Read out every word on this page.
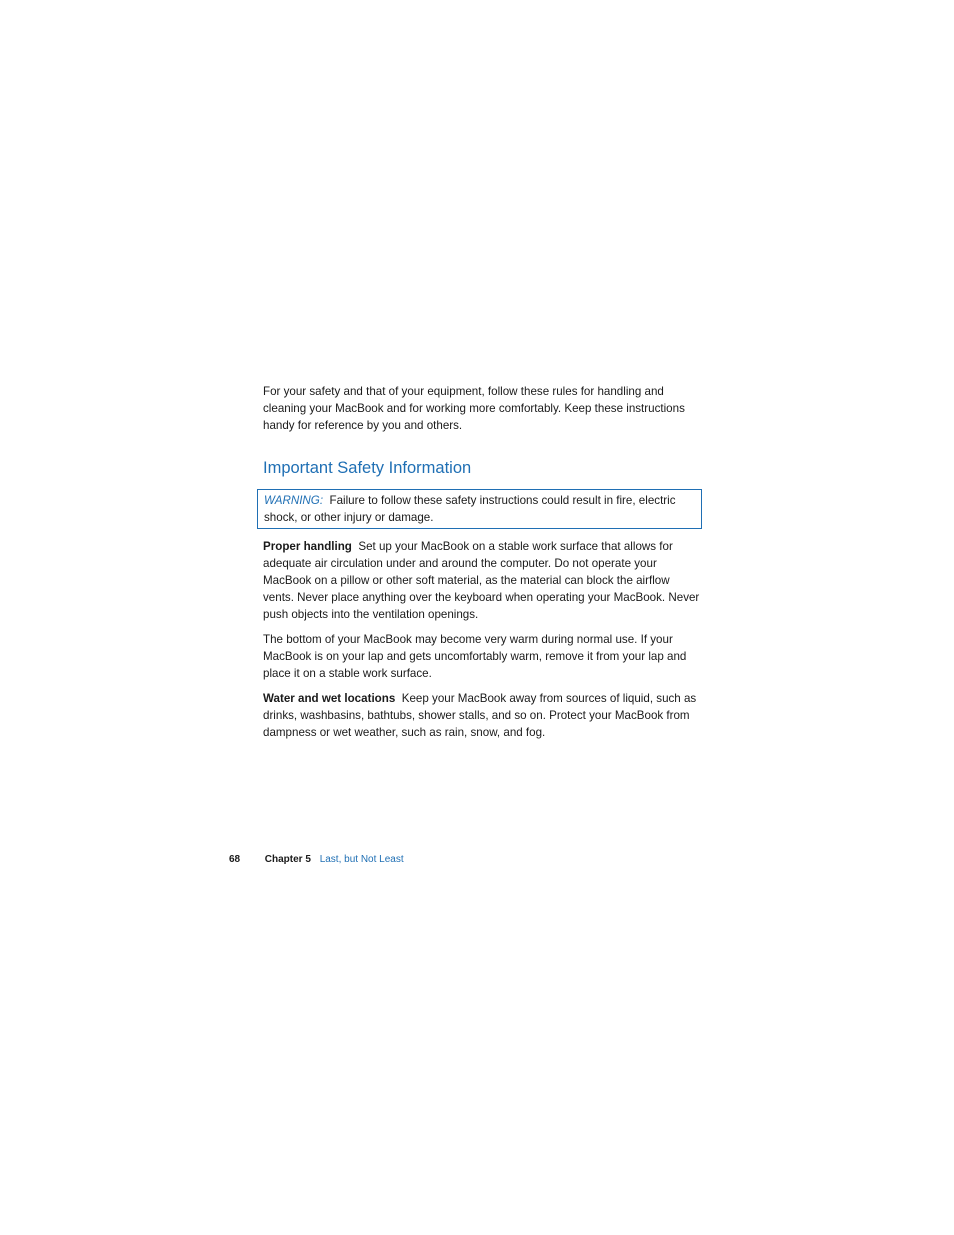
For your safety and that of your equipment, follow these rules for handling and cleaning your MacBook and for working more comfortably. Keep these instructions handy for reference by you and others.

Important Safety Information

WARNING: Failure to follow these safety instructions could result in fire, electric shock, or other injury or damage.

Proper handling Set up your MacBook on a stable work surface that allows for adequate air circulation under and around the computer. Do not operate your MacBook on a pillow or other soft material, as the material can block the airflow vents. Never place anything over the keyboard when operating your MacBook. Never push objects into the ventilation openings.

The bottom of your MacBook may become very warm during normal use. If your MacBook is on your lap and gets uncomfortably warm, remove it from your lap and place it on a stable work surface.

Water and wet locations Keep your MacBook away from sources of liquid, such as drinks, washbasins, bathtubs, shower stalls, and so on. Protect your MacBook from dampness or wet weather, such as rain, snow, and fog.

68 Chapter 5 Last, but Not Least
